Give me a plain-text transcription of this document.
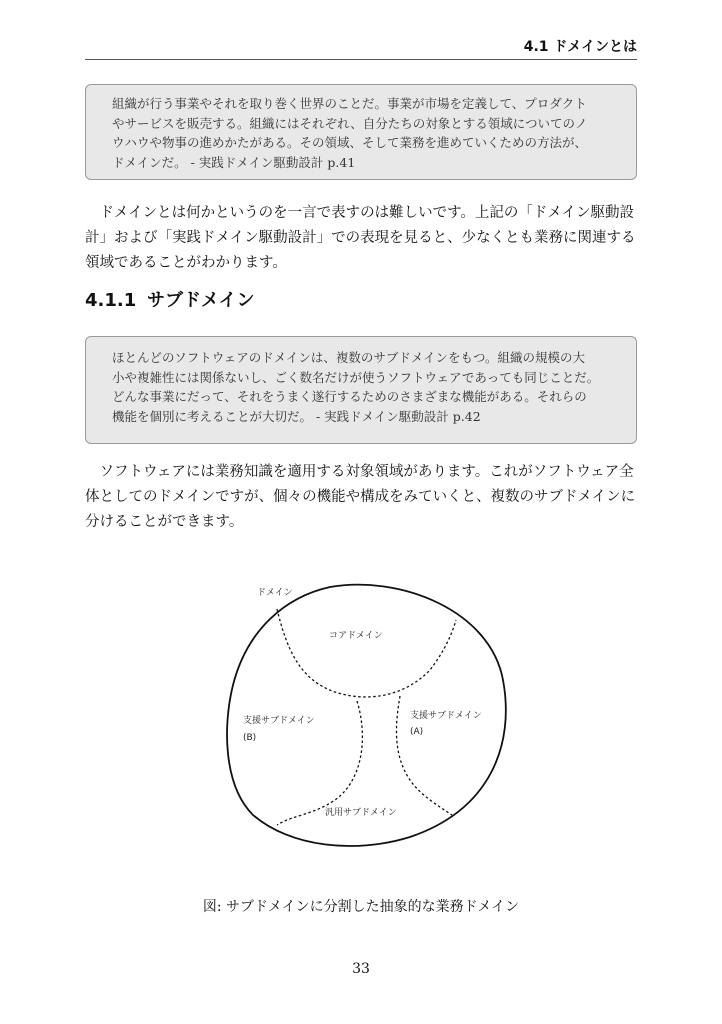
4.1 ドメインとは

組織が行う事業やそれを取り巻く世界のことだ。事業が市場を定義して、プロダクト

やサービスを販売する。組織にはそれぞれ、自分たちの対象とする領域についてのノ

ウハウや物事の進めかたがある。その領域、そして業務を進めていくための方法が、

ドメインだ。 - 実践ドメイン駆動設計 p.41

ドメインとは何かというのを一言で表すのは難しいです。上記の「ドメイン駆動設
計」および「実践ドメイン駆動設計」での表現を見ると、少なくとも業務に関連する
領域であることがわかります。
4.1.1 サブドメイン

ほとんどのソフトウェアのドメインは、複数のサブドメインをもつ。組織の規模の大

小や複雑性には関係ないし、ごく数名だけが使うソフトウェアであっても同じことだ。

どんな事業にだって、それをうまく遂行するためのさまざまな機能がある。それらの

機能を個別に考えることが大切だ。 - 実践ドメイン駆動設計 p.42

ソフトウェアには業務知識を適用する対象領域があります。これがソフトウェア全
体としてのドメインですが、個々の機能や構成をみていくと、複数のサブドメインに
分けることができます。
ドメイン
コアドメイン
支援サブドメイン
(B)
支援サブドメイン
(A)
汎用サブドメイン
図: サブドメインに分割した抽象的な業務ドメイン
33
